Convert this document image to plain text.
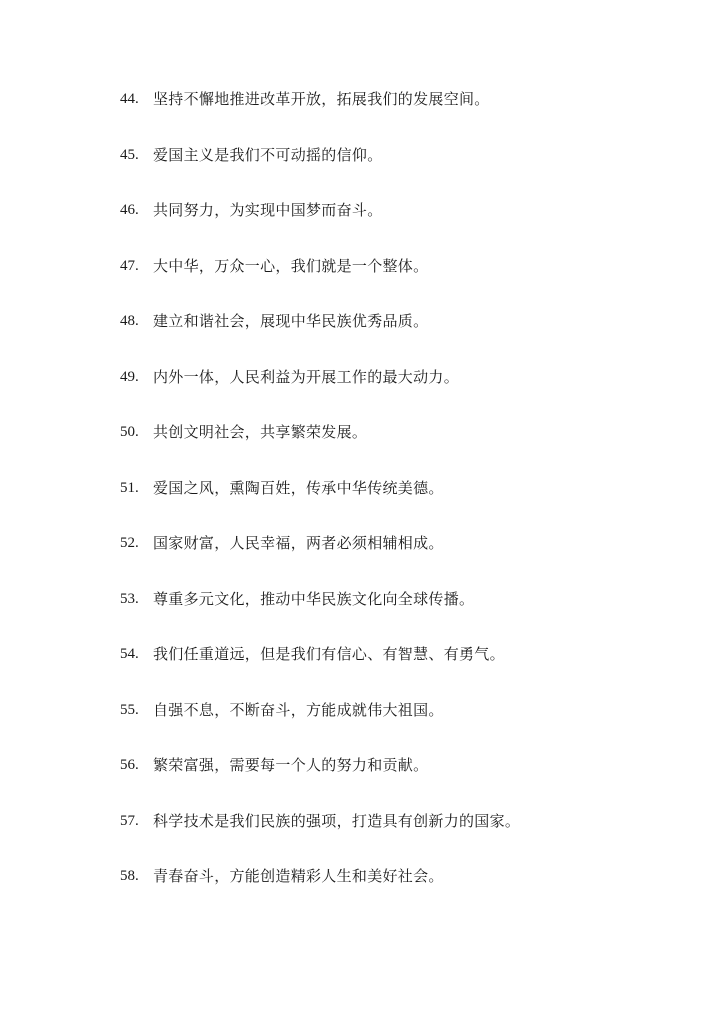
44. 坚持不懈地推进改革开放，拓展我们的发展空间。
45. 爱国主义是我们不可动摇的信仰。
46. 共同努力，为实现中国梦而奋斗。
47. 大中华，万众一心，我们就是一个整体。
48. 建立和谐社会，展现中华民族优秀品质。
49. 内外一体，人民利益为开展工作的最大动力。
50. 共创文明社会，共享繁荣发展。
51. 爱国之风，熏陶百姓，传承中华传统美德。
52. 国家财富，人民幸福，两者必须相辅相成。
53. 尊重多元文化，推动中华民族文化向全球传播。
54. 我们任重道远，但是我们有信心、有智慧、有勇气。
55. 自强不息，不断奋斗，方能成就伟大祖国。
56. 繁荣富强，需要每一个人的努力和贡献。
57. 科学技术是我们民族的强项，打造具有创新力的国家。
58. 青春奋斗，方能创造精彩人生和美好社会。
